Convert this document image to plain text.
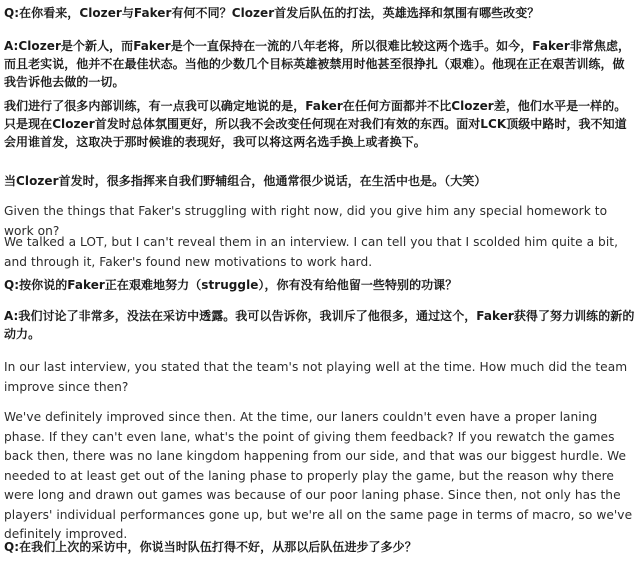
Q:在你看来，Clozer与Faker有何不同？Clozer首发后队伍的打法，英雄选择和氛围有哪些改变？

A:Clozer是个新人，而Faker是个一直保持在一流的八年老将，所以很难比较这两个选手。如今，Faker非常焦虑，而且老实说，他并不在最佳状态。当他的少数几个目标英雄被禁用时他甚至很挣扎（艰难）。他现在正在艰苦训练，做我告诉他去做的一切。

我们进行了很多内部训练，有一点我可以确定地说的是，Faker在任何方面都并不比Clozer差，他们水平是一样的。只是现在Clozer首发时总体氛围更好，所以我不会改变任何现在对我们有效的东西。面对LCK顶级中路时，我不知道会用谁首发，这取决于那时候谁的表现好，我可以将这两名选手换上或者换下。

当Clozer首发时，很多指挥来自我们野辅组合，他通常很少说话，在生活中也是。（大笑）

Given the things that Faker's struggling with right now, did you give him any special homework to work on?

We talked a LOT, but I can't reveal them in an interview. I can tell you that I scolded him quite a bit, and through it, Faker's found new motivations to work hard.

Q:按你说的Faker正在艰难地努力（struggle），你有没有给他留一些特别的功课？

A:我们讨论了非常多，没法在采访中透露。我可以告诉你，我训斥了他很多，通过这个，Faker获得了努力训练的新的动力。

In our last interview, you stated that the team's not playing well at the time. How much did the team improve since then?

We've definitely improved since then. At the time, our laners couldn't even have a proper laning phase. If they can't even lane, what's the point of giving them feedback? If you rewatch the games back then, there was no lane kingdom happening from our side, and that was our biggest hurdle. We needed to at least get out of the laning phase to properly play the game, but the reason why there were long and drawn out games was because of our poor laning phase. Since then, not only has the players' individual performances gone up, but we're all on the same page in terms of macro, so we've definitely improved.

Q:在我们上次的采访中，你说当时队伍打得不好，从那以后队伍进步了多少？
